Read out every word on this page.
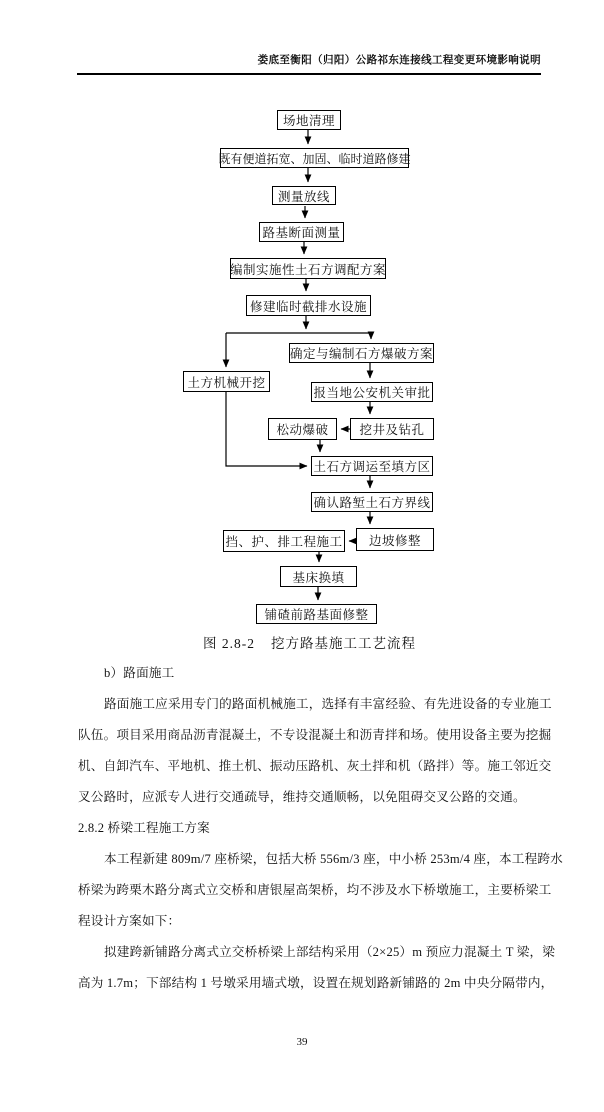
娄底至衡阳（归阳）公路祁东连接线工程变更环境影响说明
场地清理
既有便道拓宽、加固、临时道路修建
测量放线
路基断面测量
编制实施性土石方调配方案
修建临时截排水设施
确定与编制石方爆破方案
土方机械开挖
报当地公安机关审批
挖井及钻孔
松动爆破
土石方调运至填方区
确认路堑土石方界线
边坡修整
挡、护、排工程施工
基床换填
铺碴前路基面修整
图 2.8-2 挖方路基施工工艺流程
b）路面施工
路面施工应采用专门的路面机械施工，选择有丰富经验、有先进设备的专业施工
队伍。项目采用商品沥青混凝土，不专设混凝土和沥青拌和场。使用设备主要为挖掘
机、自卸汽车、平地机、推土机、振动压路机、灰土拌和机（路拌）等。施工邻近交
叉公路时，应派专人进行交通疏导，维持交通顺畅，以免阻碍交叉公路的交通。
2.8.2 桥梁工程施工方案
本工程新建 809m/7 座桥梁，包括大桥 556m/3 座，中小桥 253m/4 座，本工程跨水
桥梁为跨栗木路分离式立交桥和唐银屋高架桥，均不涉及水下桥墩施工，主要桥梁工
程设计方案如下：
拟建跨新铺路分离式立交桥桥梁上部结构采用（2×25）m 预应力混凝土 T 梁，梁
高为 1.7m；下部结构 1 号墩采用墙式墩，设置在规划路新铺路的 2m 中央分隔带内，
39
